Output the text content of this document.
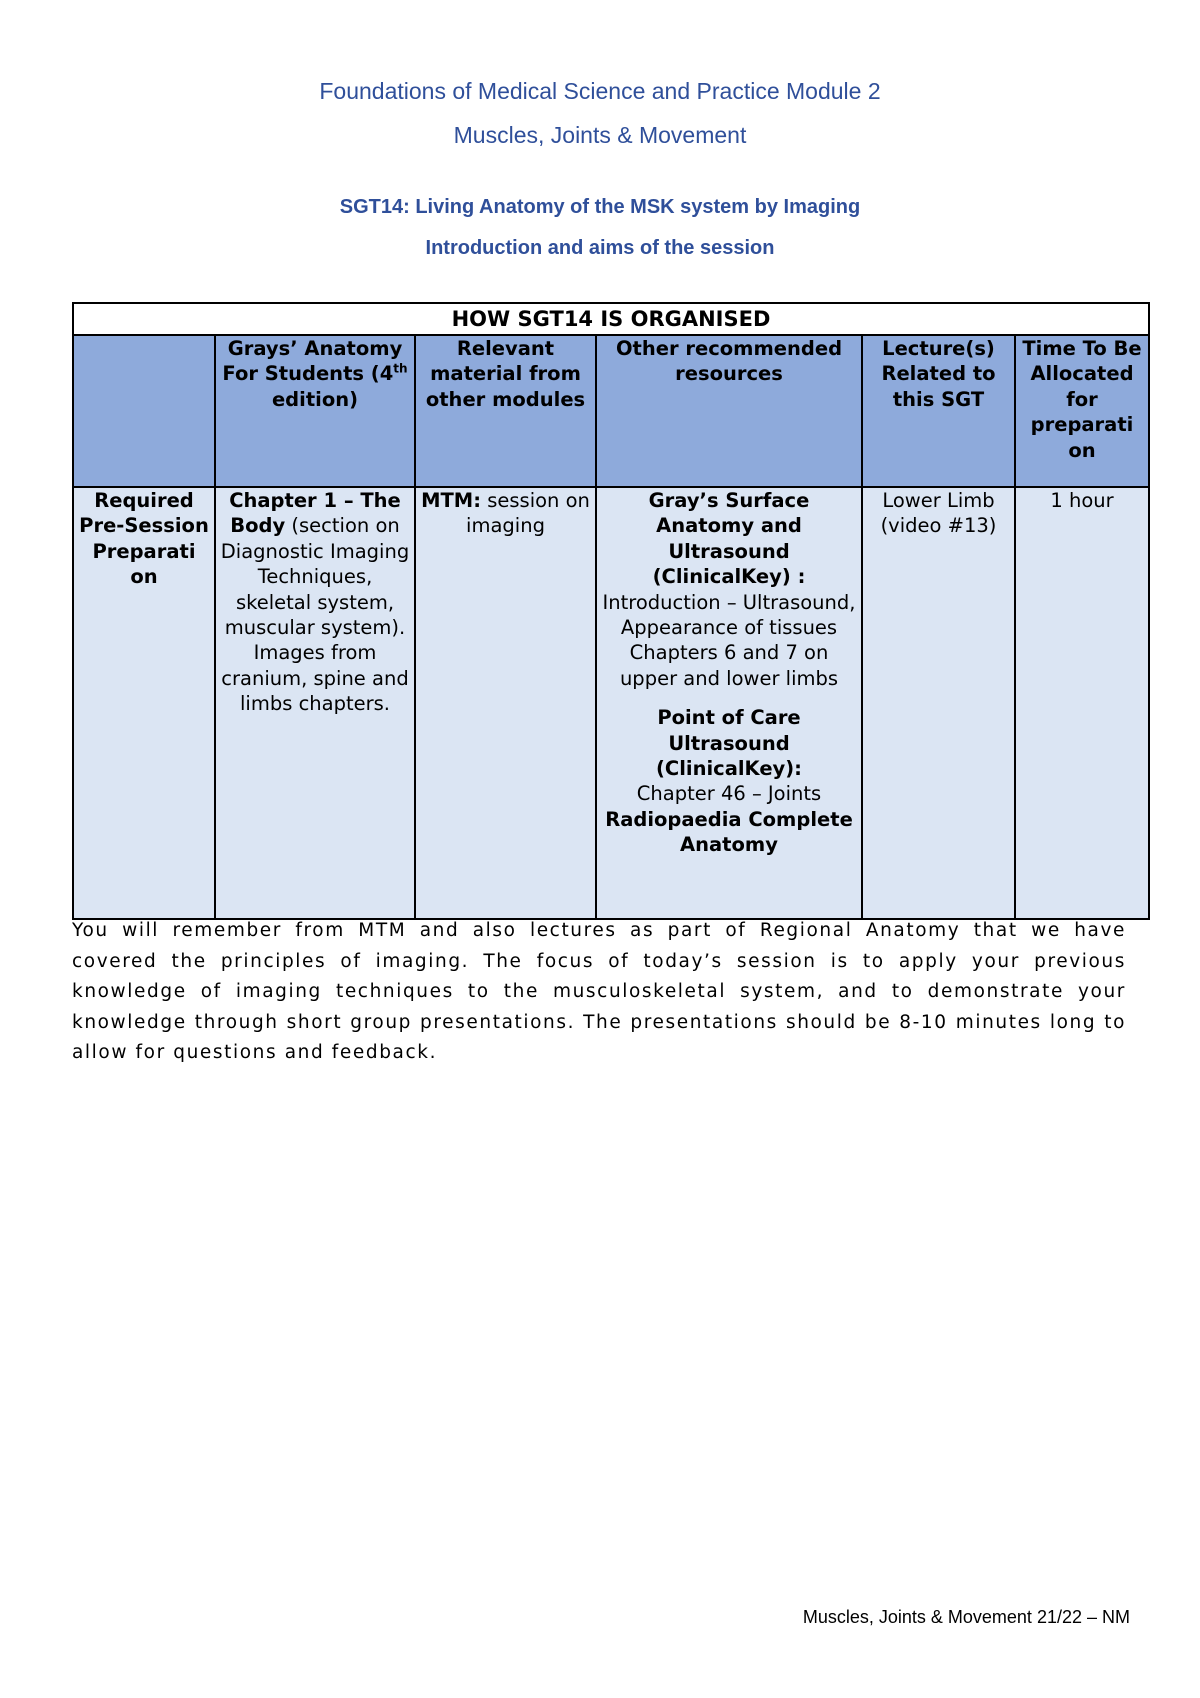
Foundations of Medical Science and Practice Module 2
Muscles, Joints & Movement
SGT14: Living Anatomy of the MSK system by Imaging
Introduction and aims of the session
HOW SGT14 IS ORGANISED					
	Grays’ Anatomy For Students (4th edition)	Relevant material from other modules	Other recommended resources	Lecture(s) Related to this SGT	Time To Be Allocated for preparati on
Required Pre-Session Preparati on	Chapter 1 – The Body (section on Diagnostic Imaging Techniques, skeletal system, muscular system). Images from cranium, spine and limbs chapters.	MTM: session on imaging	Gray’s Surface Anatomy and Ultrasound (ClinicalKey) :
Introduction – Ultrasound, Appearance of tissues Chapters 6 and 7 on upper and lower limbs
Point of Care Ultrasound (ClinicalKey):
Chapter 46 – Joints
Radiopaedia Complete Anatomy	Lower Limb (video #13)	1 hour
You will remember from MTM and also lectures as part of Regional Anatomy that we have covered the principles of imaging. The focus of today’s session is to apply your previous knowledge of imaging techniques to the musculoskeletal system, and to demonstrate your knowledge through short group presentations. The presentations should be 8-10 minutes long to allow for questions and feedback.
Muscles, Joints & Movement 21/22 – NM
